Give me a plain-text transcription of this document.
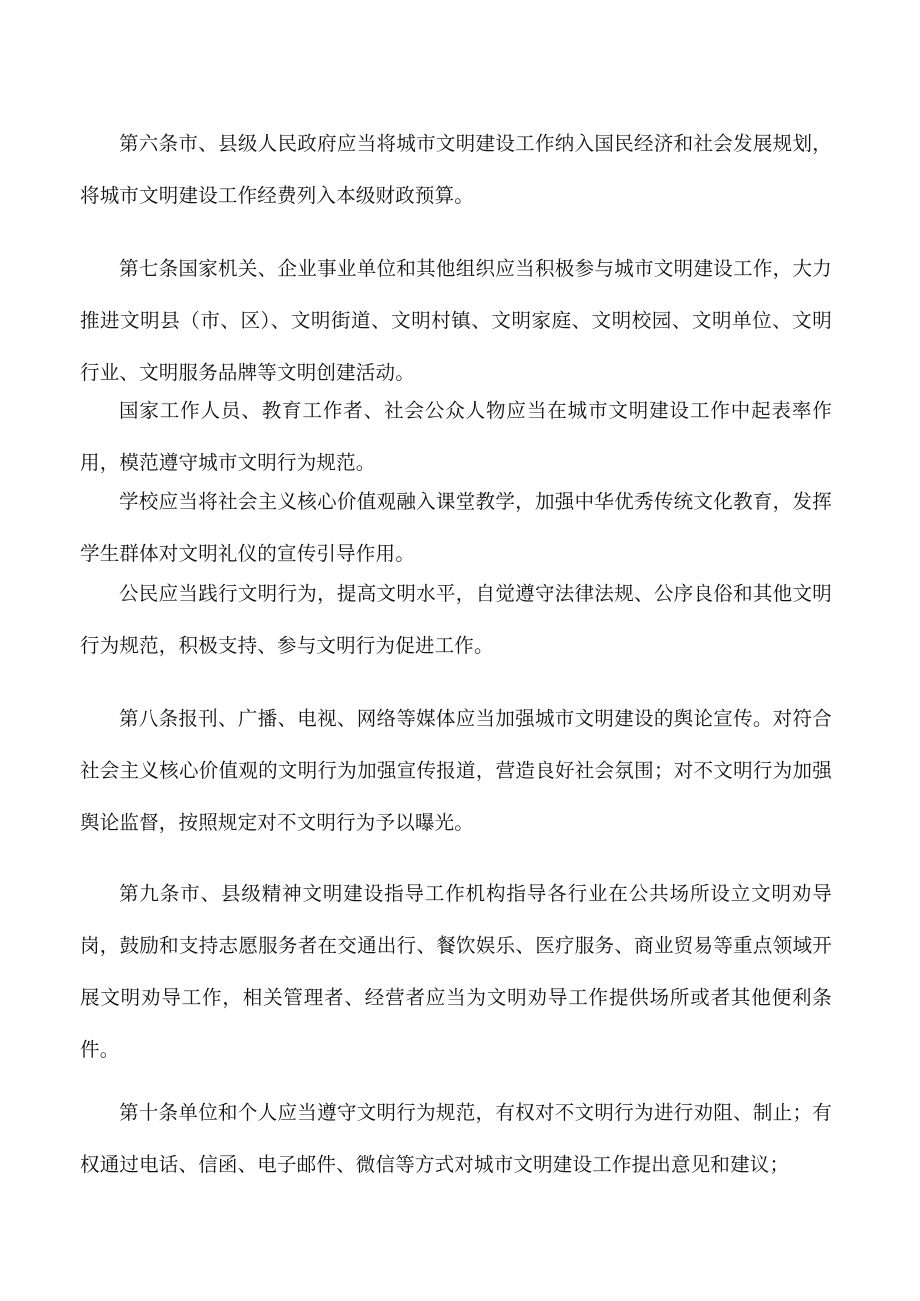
第六条市、县级人民政府应当将城市文明建设工作纳入国民经济和社会发展规划，将城市文明建设工作经费列入本级财政预算。

第七条国家机关、企业事业单位和其他组织应当积极参与城市文明建设工作，大力推进文明县（市、区）、文明街道、文明村镇、文明家庭、文明校园、文明单位、文明行业、文明服务品牌等文明创建活动。

国家工作人员、教育工作者、社会公众人物应当在城市文明建设工作中起表率作用，模范遵守城市文明行为规范。

学校应当将社会主义核心价值观融入课堂教学，加强中华优秀传统文化教育，发挥学生群体对文明礼仪的宣传引导作用。

公民应当践行文明行为，提高文明水平，自觉遵守法律法规、公序良俗和其他文明行为规范，积极支持、参与文明行为促进工作。

第八条报刊、广播、电视、网络等媒体应当加强城市文明建设的舆论宣传。对符合社会主义核心价值观的文明行为加强宣传报道，营造良好社会氛围；对不文明行为加强舆论监督，按照规定对不文明行为予以曝光。

第九条市、县级精神文明建设指导工作机构指导各行业在公共场所设立文明劝导岗，鼓励和支持志愿服务者在交通出行、餐饮娱乐、医疗服务、商业贸易等重点领域开展文明劝导工作，相关管理者、经营者应当为文明劝导工作提供场所或者其他便利条件。

第十条单位和个人应当遵守文明行为规范，有权对不文明行为进行劝阻、制止；有权通过电话、信函、电子邮件、微信等方式对城市文明建设工作提出意见和建议；
